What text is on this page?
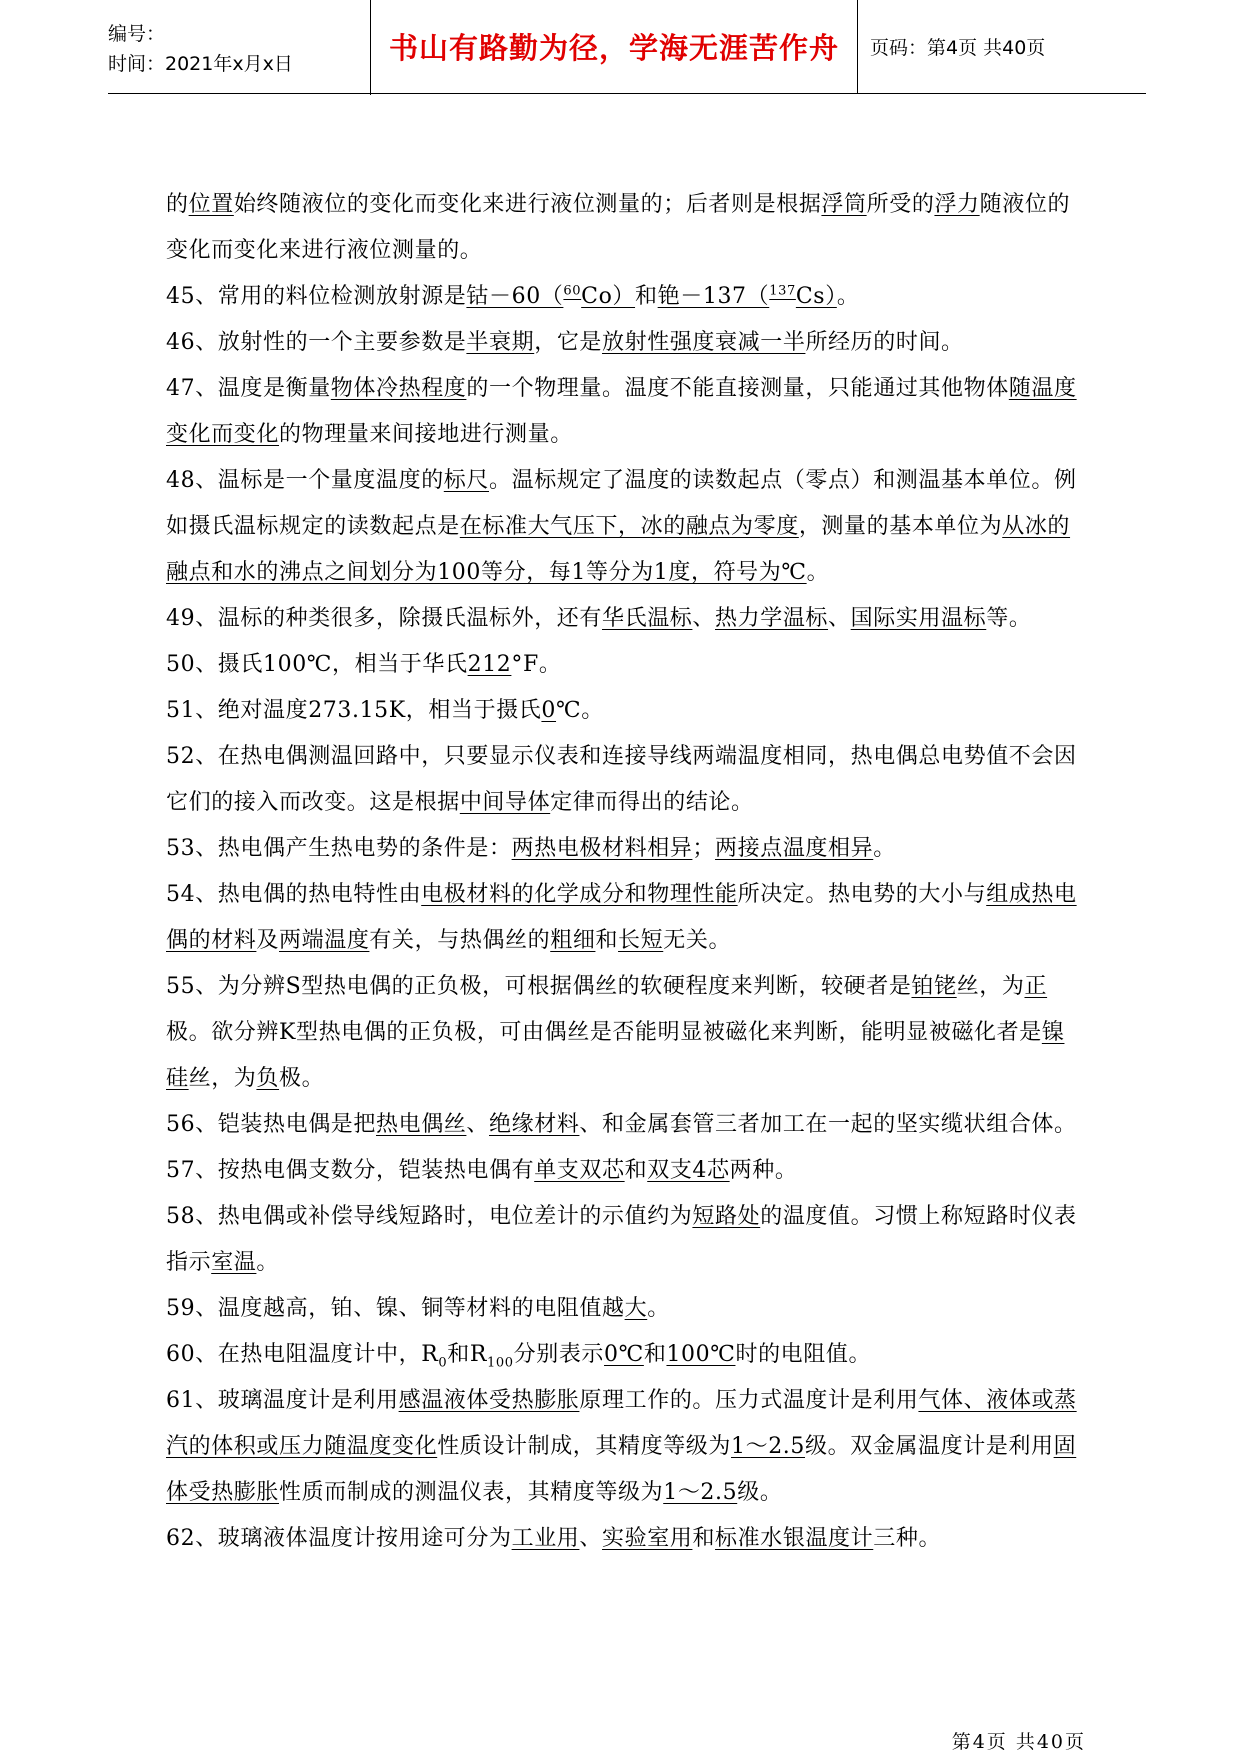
编号：
时间：2021年x月x日	书山有路勤为径，学海无涯苦作舟 页码：第4页 共40页

的位置始终随液位的变化而变化来进行液位测量的；后者则是根据浮筒所受的浮力随液位的变化而变化来进行液位测量的。

45、常用的料位检测放射源是钴－60（$^{60}$Co）和铯－137（$^{137}$Cs）。

46、放射性的一个主要参数是半衰期，它是放射性强度衰减一半所经历的时间。

47、温度是衡量物体冷热程度的一个物理量。温度不能直接测量，只能通过其他物体随温度变化而变化的物理量来间接地进行测量。

48、温标是一个量度温度的标尺。温标规定了温度的读数起点（零点）和测温基本单位。例如摄氏温标规定的读数起点是在标准大气压下，冰的融点为零度，测量的基本单位为从冰的融点和水的沸点之间划分为100等分，每1等分为1度，符号为℃。

49、温标的种类很多，除摄氏温标外，还有华氏温标、热力学温标、国际实用温标等。

50、摄氏100℃，相当于华氏212°F。

51、绝对温度273.15K，相当于摄氏0℃。

52、在热电偶测温回路中，只要显示仪表和连接导线两端温度相同，热电偶总电势值不会因它们的接入而改变。这是根据中间导体定律而得出的结论。

53、热电偶产生热电势的条件是：两热电极材料相异；两接点温度相异。

54、热电偶的热电特性由电极材料的化学成分和物理性能所决定。热电势的大小与组成热电偶的材料及两端温度有关，与热偶丝的粗细和长短无关。

55、为分辨S型热电偶的正负极，可根据偶丝的软硬程度来判断，较硬者是铂铑丝，为正极。欲分辨K型热电偶的正负极，可由偶丝是否能明显被磁化来判断，能明显被磁化者是镍硅丝，为负极。

56、铠装热电偶是把热电偶丝、绝缘材料、和金属套管三者加工在一起的坚实缆状组合体。

57、按热电偶支数分，铠装热电偶有单支双芯和双支4芯两种。

58、热电偶或补偿导线短路时，电位差计的示值约为短路处的温度值。习惯上称短路时仪表指示室温。

59、温度越高，铂、镍、铜等材料的电阻值越大。

60、在热电阻温度计中，$R_0$和$R_{100}$分别表示0℃和100℃时的电阻值。

61、玻璃温度计是利用感温液体受热膨胀原理工作的。压力式温度计是利用气体、液体或蒸汽的体积或压力随温度变化性质设计制成，其精度等级为1～2.5级。双金属温度计是利用固体受热膨胀性质而制成的测温仪表，其精度等级为1～2.5级。

62、玻璃液体温度计按用途可分为工业用、实验室用和标准水银温度计三种。

第4页 共40页
